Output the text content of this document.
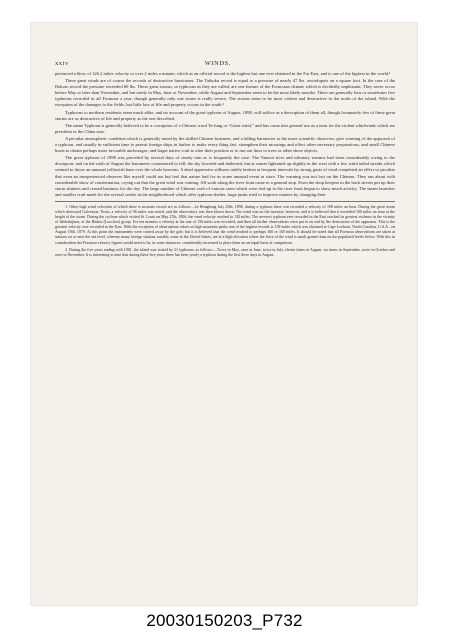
xxiv	WINDS.

perienced a blow of 126.2 miles velocity or over 2 miles a minute, which as an official record is the highest but one ever obtained in the Far East, and is one of the highest in the world.¹

These great winds are of course the records of destructive hurricanes. The Taihoku record is equal to a pressure of nearly 47 lbs. avoirdupois on a square foot. In the case of the Bokoto record the pressure exceeded 60 lbs. These great storms, or typhoons as they are called, are one feature of the Formosan climate which is decidedly unpleasant. They never occur before May or later than November, and but rarely in May, June or November, while August and September seem to be the most likely months. There are generally four or sometimes five typhoons recorded in all Formosa a year, though generally only one storm is really severe. The storms seem to be most violent and destructive in the north of the island. With the exception of the damages to the fields, but little loss of life and property occurs in the south.²

Typhoons to northern residents seem much alike, and no account of the great typhoon of August, 1898, will suffice as a description of them all, though fortunately few of these great storms are as destructive of life and property as the one described.

The name Typhoon is generally believed to be a corruption of a Chinese word Ta-fung or “Great wind,” and has come into general use as a term for the violent whirlwinds which are prevalent in the China seas.

A peculiar atmospheric condition which is generally noted by the skilled Chinese boatmen, and a falling barometer to the more scientific observers, give warning of the approach of a typhoon, and usually in sufficient time to permit foreign ships in harbor to make every thing fast, strengthen their moorings and effect other necessary preparations, and small Chinese boats to obtain perhaps more favorable anchorages, and larger native craft to alter their position or to run out lines to trees or other shore objects.

The great typhoon of 1898 was preceded by several days of steady rain as is frequently the case. The Tamsui river and tributary streams had risen considerably owing to the downpour, and on the sixth of August the barometer commenced to fall, the sky lowered and darkened, but at sunset lightened up slightly in the west with a few wind tailed streaks which seemed to throw an unusual yellowish haze over the whole heavens. A dead oppressive stillness rudely broken at frequent intervals by strong gusts of wind completed an effect so peculiar that even an inexperienced observer like myself could not but feel that nature had for us some unusual event in store. The warning was not lost on the Chinese. They ran about with considerable show of consternation, crying out that the great wind was coming. All work along the river front came to a general stop. Even the shop keepers in the back streets put up their storm shutters and ceased business for the day. The large number of Chinese craft of various sizes which were tied up to the river front began to show much activity. The steam launches and smaller craft made for the several creeks in the neighborhood which offer typhoon shelter, large junks tried to improve matters by changing their

1. Other high wind velocities of which there is accurate record are as follows:—In Hongkong July 29th, 1896, during a typhoon there was recorded a velocity of 108 miles an hour. During the great storm which destroyed Galveston, Texas, a velocity of 96 miles was noted, and the observatory was then blown down. The wind was on the increase, however, and it is believed that it exceeded 100 miles an hour at the height of the storm. During the cyclone which visited St. Louis on May 27th, 1896, the wind velocity reached to 120 miles. The severest typhoon ever recorded in the East reached its greatest violence in the vicinity of Ishikakijima, of the Riukiu (Loochoo) group. For ten minutes a velocity at the rate of 156 miles was recorded, and then all further observations were put to an end by the destruction of the apparatus. This is the greatest velocity ever recorded in the East. With the exception of observations taken on high mountain peaks one of the highest records is 138 miles which was obtained at Cape Lookout, North Carolina, U.S.A., on August 18th, 1879. At this point the instruments were carried away by the gale, but it is believed that the wind reached to perhaps 160 or 165 miles. It should be noted that all Formosa observations are taken at stations on or near the sea level, whereas many foreign stations, notably some in the United States, are at a high elevation where the force of the wind is much greater than on the populated levels below. With this in consideration the Formosa velocity figures would need to be, in some instances, considerably increased to place them on an equal basis of comparison.

2. During the five years ending with 1901, the island was visited by 21 typhoons, as follows:—Twice in May, once in June, twice in July, eleven times in August, six times in September, twice in October and once in November. It is interesting to note that during these five years there has been yearly a typhoon during the first three days in August.

20030150203_P732
